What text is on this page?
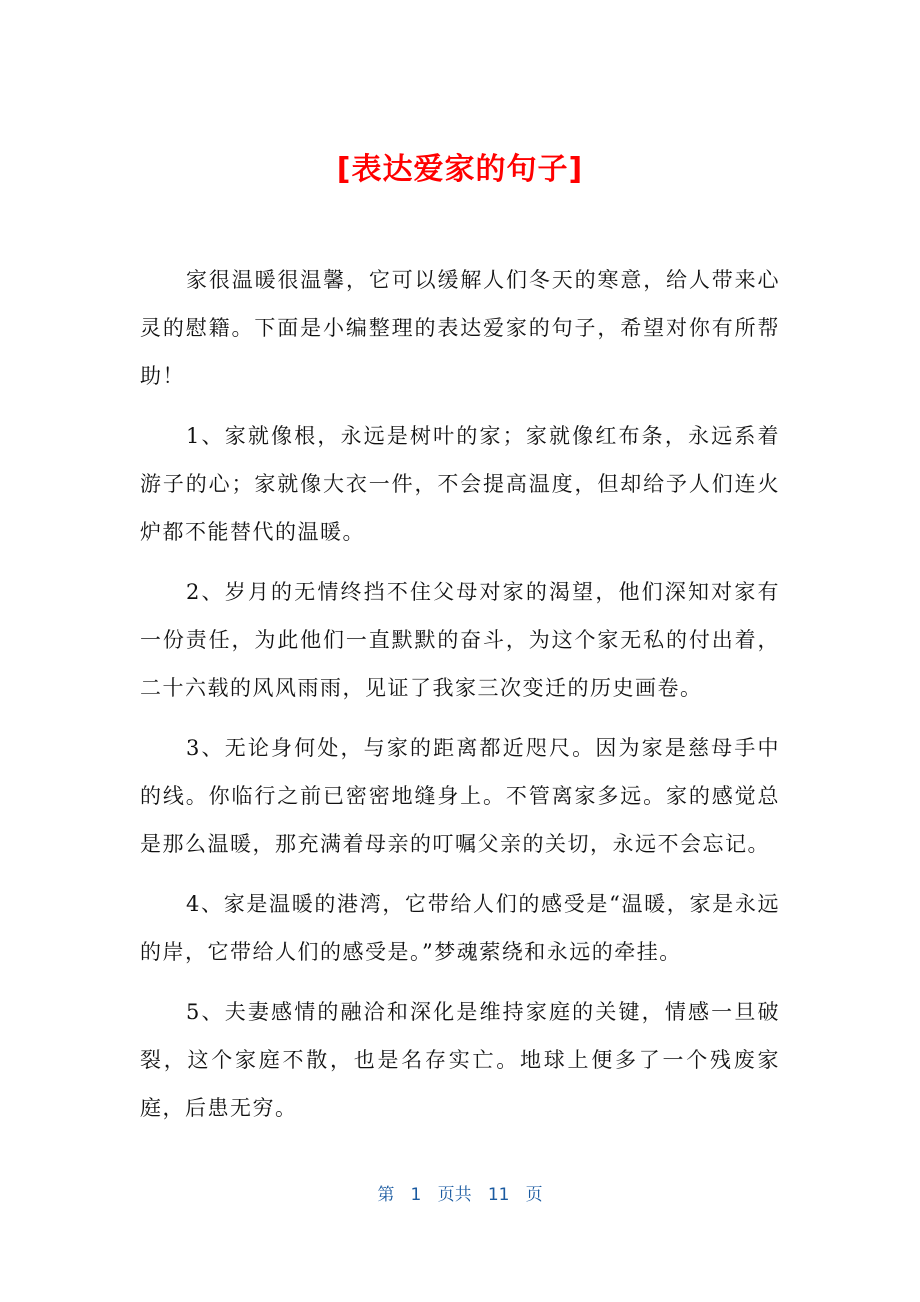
[表达爱家的句子]

家很温暖很温馨，它可以缓解人们冬天的寒意，给人带来心灵的慰籍。下面是小编整理的表达爱家的句子，希望对你有所帮助！

1、家就像根，永远是树叶的家；家就像红布条，永远系着游子的心；家就像大衣一件，不会提高温度，但却给予人们连火炉都不能替代的温暖。

2、岁月的无情终挡不住父母对家的渴望，他们深知对家有一份责任，为此他们一直默默的奋斗，为这个家无私的付出着，二十六载的风风雨雨，见证了我家三次变迁的历史画卷。

3、无论身何处，与家的距离都近咫尺。因为家是慈母手中的线。你临行之前已密密地缝身上。不管离家多远。家的感觉总是那么温暖，那充满着母亲的叮嘱父亲的关切，永远不会忘记。

4、家是温暖的港湾，它带给人们的感受是“温暖，家是永远的岸，它带给人们的感受是。”梦魂萦绕和永远的牵挂。

5、夫妻感情的融洽和深化是维持家庭的关键，情感一旦破裂，这个家庭不散，也是名存实亡。地球上便多了一个残废家庭，后患无穷。

第 1 页共 11 页
